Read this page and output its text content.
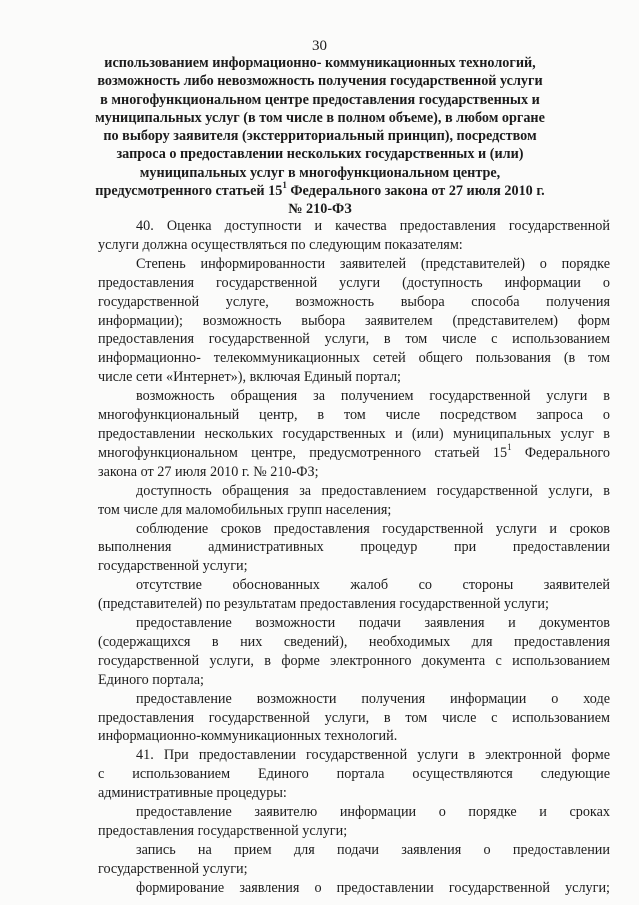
30
использованием информационно- коммуникационных технологий,
возможность либо невозможность получения государственной услуги
в многофункциональном центре предоставления государственных и
муниципальных услуг (в том числе в полном объеме), в любом органе
по выбору заявителя (экстерриториальный принцип), посредством
запроса о предоставлении нескольких государственных и (или)
муниципальных услуг в многофункциональном центре,
предусмотренного статьей $15^1$ Федерального закона от 27 июля 2010 г.
№ 210-ФЗ
40. Оценка доступности и качества предоставления государственной
услуги должна осуществляться по следующим показателям:
Степень информированности заявителей (представителей) о порядке
предоставления государственной услуги (доступность информации о
государственной услуге, возможность выбора способа получения
информации); возможность выбора заявителем (представителем) форм
предоставления государственной услуги, в том числе с использованием
информационно- телекоммуникационных сетей общего пользования (в том
числе сети «Интернет»), включая Единый портал;
возможность обращения за получением государственной услуги в
многофункциональный центр, в том числе посредством запроса о
предоставлении нескольких государственных и (или) муниципальных услуг в
многофункциональном центре, предусмотренного статьей $15^1$ Федерального
закона от 27 июля 2010 г. № 210-ФЗ;
доступность обращения за предоставлением государственной услуги, в
том числе для маломобильных групп населения;
соблюдение сроков предоставления государственной услуги и сроков
выполнения административных процедур при предоставлении
государственной услуги;
отсутствие обоснованных жалоб со стороны заявителей
(представителей) по результатам предоставления государственной услуги;
предоставление возможности подачи заявления и документов
(содержащихся в них сведений), необходимых для предоставления
государственной услуги, в форме электронного документа с использованием
Единого портала;
предоставление возможности получения информации о ходе
предоставления государственной услуги, в том числе с использованием
информационно-коммуникационных технологий.
41. При предоставлении государственной услуги в электронной форме
с использованием Единого портала осуществляются следующие
административные процедуры:
предоставление заявителю информации о порядке и сроках
предоставления государственной услуги;
запись на прием для подачи заявления о предоставлении
государственной услуги;
формирование заявления о предоставлении государственной услуги;
